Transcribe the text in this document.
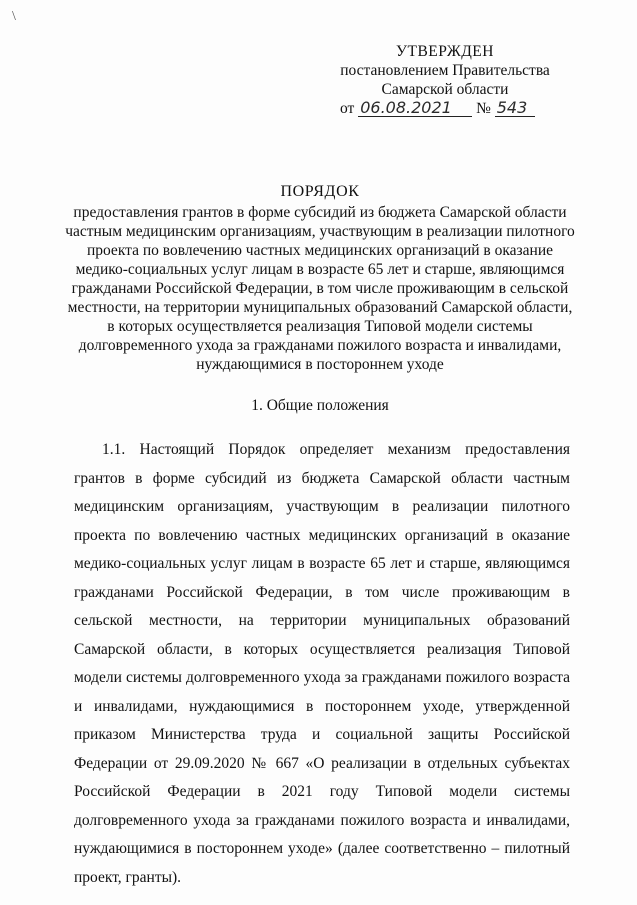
\
УТВЕРЖДЕН
постановлением Правительства
Самарской области
от 06.08.2021 № 543
ПОРЯДОК
предоставления грантов в форме субсидий из бюджета Самарской области частным медицинским организациям, участвующим в реализации пилотного проекта по вовлечению частных медицинских организаций в оказание медико-социальных услуг лицам в возрасте 65 лет и старше, являющимся гражданами Российской Федерации, в том числе проживающим в сельской местности, на территории муниципальных образований Самарской области, в которых осуществляется реализация Типовой модели системы долговременного ухода за гражданами пожилого возраста и инвалидами, нуждающимися в постороннем уходе
1. Общие положения
1.1. Настоящий Порядок определяет механизм предоставления грантов в форме субсидий из бюджета Самарской области частным медицинским организациям, участвующим в реализации пилотного проекта по вовлечению частных медицинских организаций в оказание медико-социальных услуг лицам в возрасте 65 лет и старше, являющимся гражданами Российской Федерации, в том числе проживающим в сельской местности, на территории муниципальных образований Самарской области, в которых осуществляется реализация Типовой модели системы долговременного ухода за гражданами пожилого возраста и инвалидами, нуждающимися в постороннем уходе, утвержденной приказом Министерства труда и социальной защиты Российской Федерации от 29.09.2020 № 667 «О реализации в отдельных субъектах Российской Федерации в 2021 году Типовой модели системы долговременного ухода за гражданами пожилого возраста и инвалидами, нуждающимися в постороннем уходе» (далее соответственно – пилотный проект, гранты).
